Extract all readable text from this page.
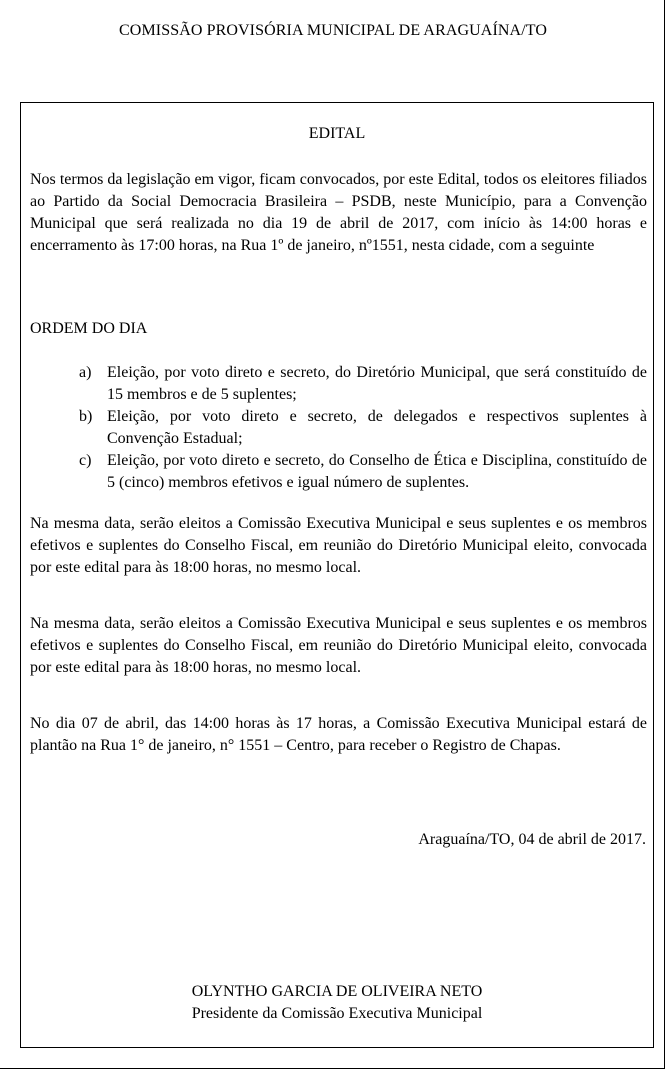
COMISSÃO PROVISÓRIA MUNICIPAL DE ARAGUAÍNA/TO
EDITAL
Nos termos da legislação em vigor, ficam convocados, por este Edital, todos os eleitores filiados ao Partido da Social Democracia Brasileira – PSDB, neste Município, para a Convenção Municipal que será realizada no dia 19 de abril de 2017, com início às 14:00 horas e encerramento às 17:00 horas, na Rua 1º de janeiro, nº1551, nesta cidade, com a seguinte
ORDEM DO DIA
a) Eleição, por voto direto e secreto, do Diretório Municipal, que será constituído de 15 membros e de 5 suplentes;
b) Eleição, por voto direto e secreto, de delegados e respectivos suplentes à Convenção Estadual;
c) Eleição, por voto direto e secreto, do Conselho de Ética e Disciplina, constituído de 5 (cinco) membros efetivos e igual número de suplentes.
Na mesma data, serão eleitos a Comissão Executiva Municipal e seus suplentes e os membros efetivos e suplentes do Conselho Fiscal, em reunião do Diretório Municipal eleito, convocada por este edital para às 18:00 horas, no mesmo local.
Na mesma data, serão eleitos a Comissão Executiva Municipal e seus suplentes e os membros efetivos e suplentes do Conselho Fiscal, em reunião do Diretório Municipal eleito, convocada por este edital para às 18:00 horas, no mesmo local.
No dia 07 de abril, das 14:00 horas às 17 horas, a Comissão Executiva Municipal estará de plantão na Rua 1° de janeiro, n° 1551 – Centro, para receber o Registro de Chapas.
Araguaína/TO, 04 de abril de 2017.
OLYNTHO GARCIA DE OLIVEIRA NETO
Presidente da Comissão Executiva Municipal
